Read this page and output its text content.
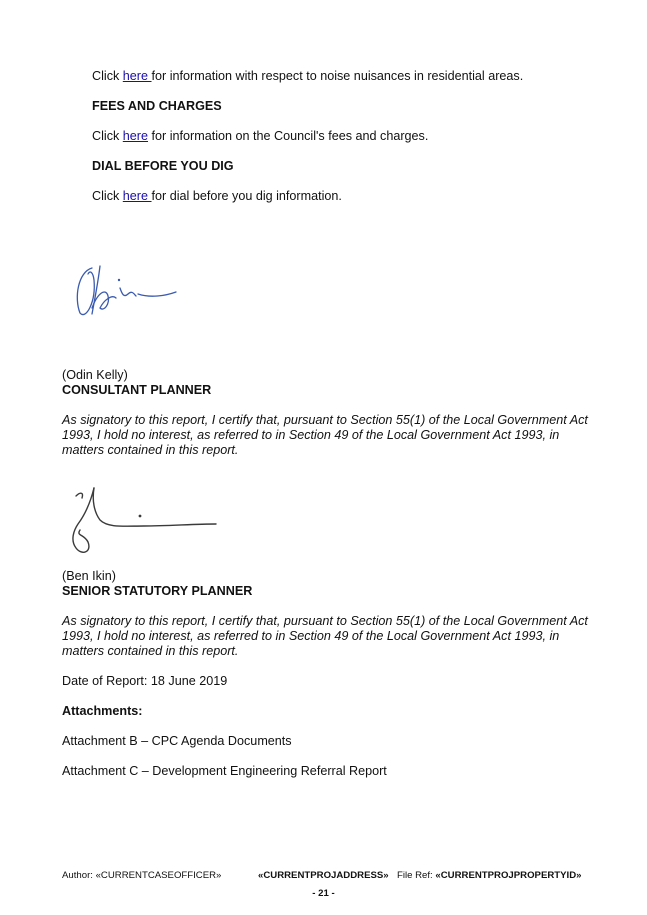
Click here for information with respect to noise nuisances in residential areas.
FEES AND CHARGES
Click here for information on the Council's fees and charges.
DIAL BEFORE YOU DIG
Click here for dial before you dig information.
(Odin Kelly)
CONSULTANT PLANNER
As signatory to this report, I certify that, pursuant to Section 55(1) of the Local Government Act 1993, I hold no interest, as referred to in Section 49 of the Local Government Act 1993, in matters contained in this report.
(Ben Ikin)
SENIOR STATUTORY PLANNER
As signatory to this report, I certify that, pursuant to Section 55(1) of the Local Government Act 1993, I hold no interest, as referred to in Section 49 of the Local Government Act 1993, in matters contained in this report.
Date of Report: 18 June 2019
Attachments:
Attachment B – CPC Agenda Documents
Attachment C – Development Engineering Referral Report
Author: «CURRENTCASEOFFICER»	«CURRENTPROJADDRESS» File Ref: «CURRENTPROJPROPERTYID»
- 21 -
